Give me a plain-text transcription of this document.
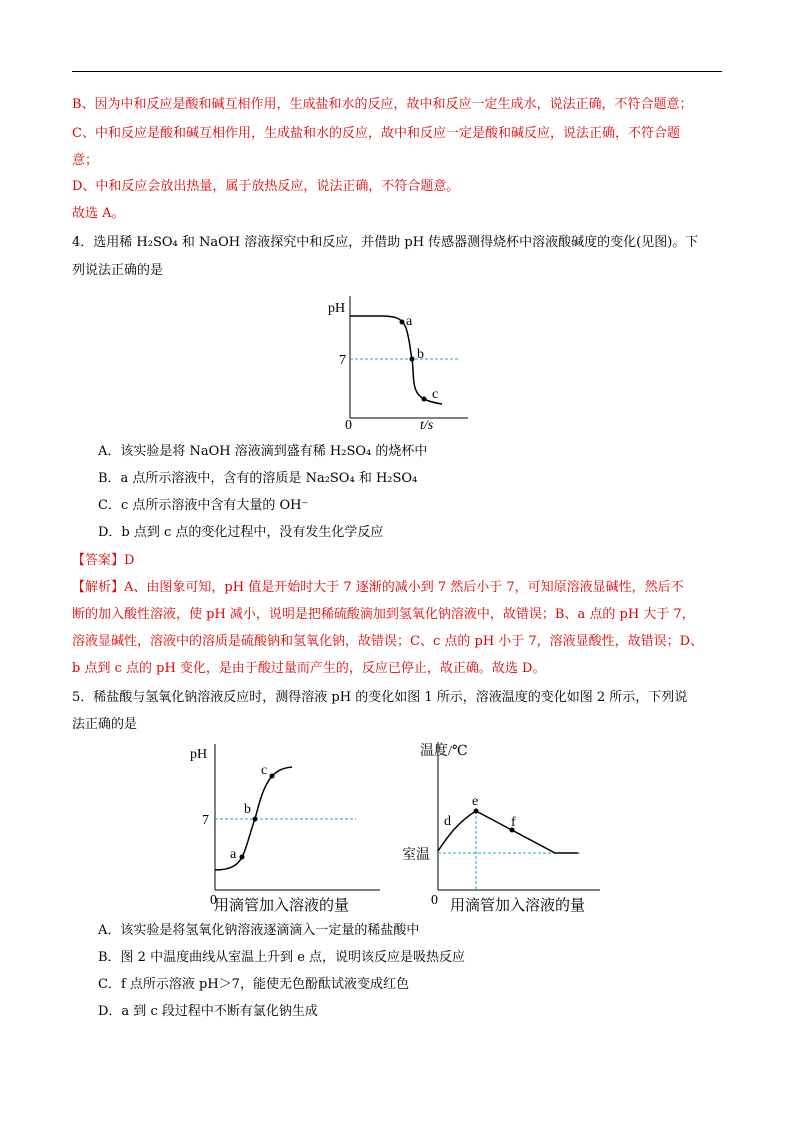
B、因为中和反应是酸和碱互相作用，生成盐和水的反应，故中和反应一定生成水，说法正确，不符合题意；
C、中和反应是酸和碱互相作用，生成盐和水的反应，故中和反应一定是酸和碱反应，说法正确，不符合题
意；
D、中和反应会放出热量，属于放热反应，说法正确，不符合题意。
故选 A。
4．选用稀 H₂SO₄ 和 NaOH 溶液探究中和反应，并借助 pH 传感器测得烧杯中溶液酸碱度的变化(见图)。下
列说法正确的是
pH
7
0	t/s
a
b
c
A．该实验是将 NaOH 溶液滴到盛有稀 H₂SO₄ 的烧杯中
B．a 点所示溶液中，含有的溶质是 Na₂SO₄ 和 H₂SO₄
C．c 点所示溶液中含有大量的 OH⁻
D．b 点到 c 点的变化过程中，没有发生化学反应
【答案】D
【解析】A、由图象可知，pH 值是开始时大于 7 逐渐的减小到 7 然后小于 7，可知原溶液显碱性，然后不
断的加入酸性溶液，使 pH 减小，说明是把稀硫酸滴加到氢氧化钠溶液中，故错误；B、a 点的 pH 大于 7，
溶液显碱性，溶液中的溶质是硫酸钠和氢氧化钠，故错误；C、c 点的 pH 小于 7，溶液显酸性，故错误；D、
b 点到 c 点的 pH 变化，是由于酸过量而产生的，反应已停止，故正确。故选 D。
5．稀盐酸与氢氧化钠溶液反应时，测得溶液 pH 的变化如图 1 所示，溶液温度的变化如图 2 所示，下列说
法正确的是
pH
7
0
用滴管加入溶液的量
a
b
c
温度/℃
室温
0 用滴管加入溶液的量
e
d	f
A．该实验是将氢氧化钠溶液逐滴滴入一定量的稀盐酸中
B．图 2 中温度曲线从室温上升到 e 点，说明该反应是吸热反应
C．f 点所示溶液 pH＞7，能使无色酚酞试液变成红色
D．a 到 c 段过程中不断有氯化钠生成
